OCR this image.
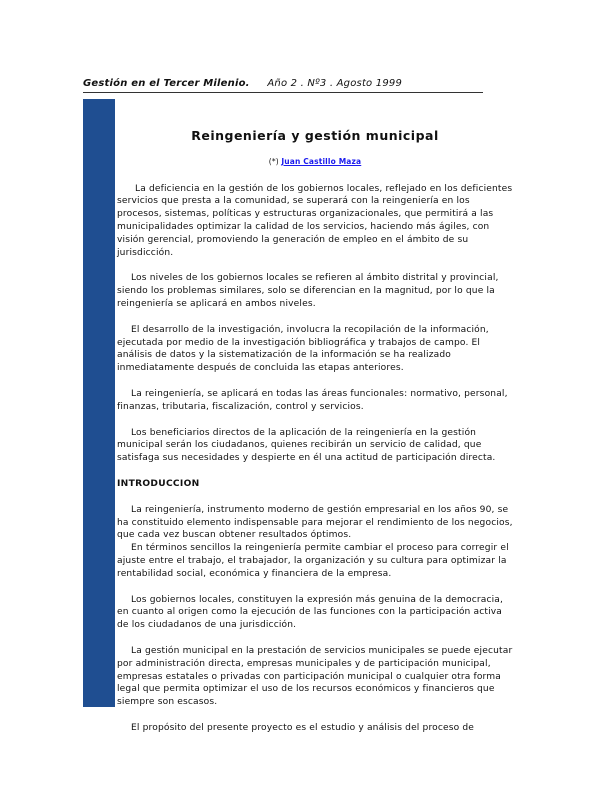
Gestión en el Tercer Milenio. Año 2 . Nº3 . Agosto 1999
Reingeniería y gestión municipal
(*) Juan Castillo Maza

La deficiencia en la gestión de los gobiernos locales, reflejado en los deficientes servicios que presta a la comunidad, se superará con la reingeniería en los procesos, sistemas, políticas y estructuras organizacionales, que permitirá a las municipalidades optimizar la calidad de los servicios, haciendo más ágiles, con visión gerencial, promoviendo la generación de empleo en el ámbito de su jurisdicción.

Los niveles de los gobiernos locales se refieren al ámbito distrital y provincial, siendo los problemas similares, solo se diferencian en la magnitud, por lo que la reingeniería se aplicará en ambos niveles.

El desarrollo de la investigación, involucra la recopilación de la información, ejecutada por medio de la investigación bibliográfica y trabajos de campo. El análisis de datos y la sistematización de la información se ha realizado inmediatamente después de concluida las etapas anteriores.

La reingeniería, se aplicará en todas las áreas funcionales: normativo, personal, finanzas, tributaria, fiscalización, control y servicios.

Los beneficiarios directos de la aplicación de la reingeniería en la gestión municipal serán los ciudadanos, quienes recibirán un servicio de calidad, que satisfaga sus necesidades y despierte en él una actitud de participación directa.

INTRODUCCION

La reingeniería, instrumento moderno de gestión empresarial en los años 90, se ha constituido elemento indispensable para mejorar el rendimiento de los negocios, que cada vez buscan obtener resultados óptimos.

En términos sencillos la reingeniería permite cambiar el proceso para corregir el ajuste entre el trabajo, el trabajador, la organización y su cultura para optimizar la rentabilidad social, económica y financiera de la empresa.

Los gobiernos locales, constituyen la expresión más genuina de la democracia, en cuanto al origen como la ejecución de las funciones con la participación activa de los ciudadanos de una jurisdicción.

La gestión municipal en la prestación de servicios municipales se puede ejecutar por administración directa, empresas municipales y de participación municipal, empresas estatales o privadas con participación municipal o cualquier otra forma legal que permita optimizar el uso de los recursos económicos y financieros que siempre son escasos.

El propósito del presente proyecto es el estudio y análisis del proceso de
